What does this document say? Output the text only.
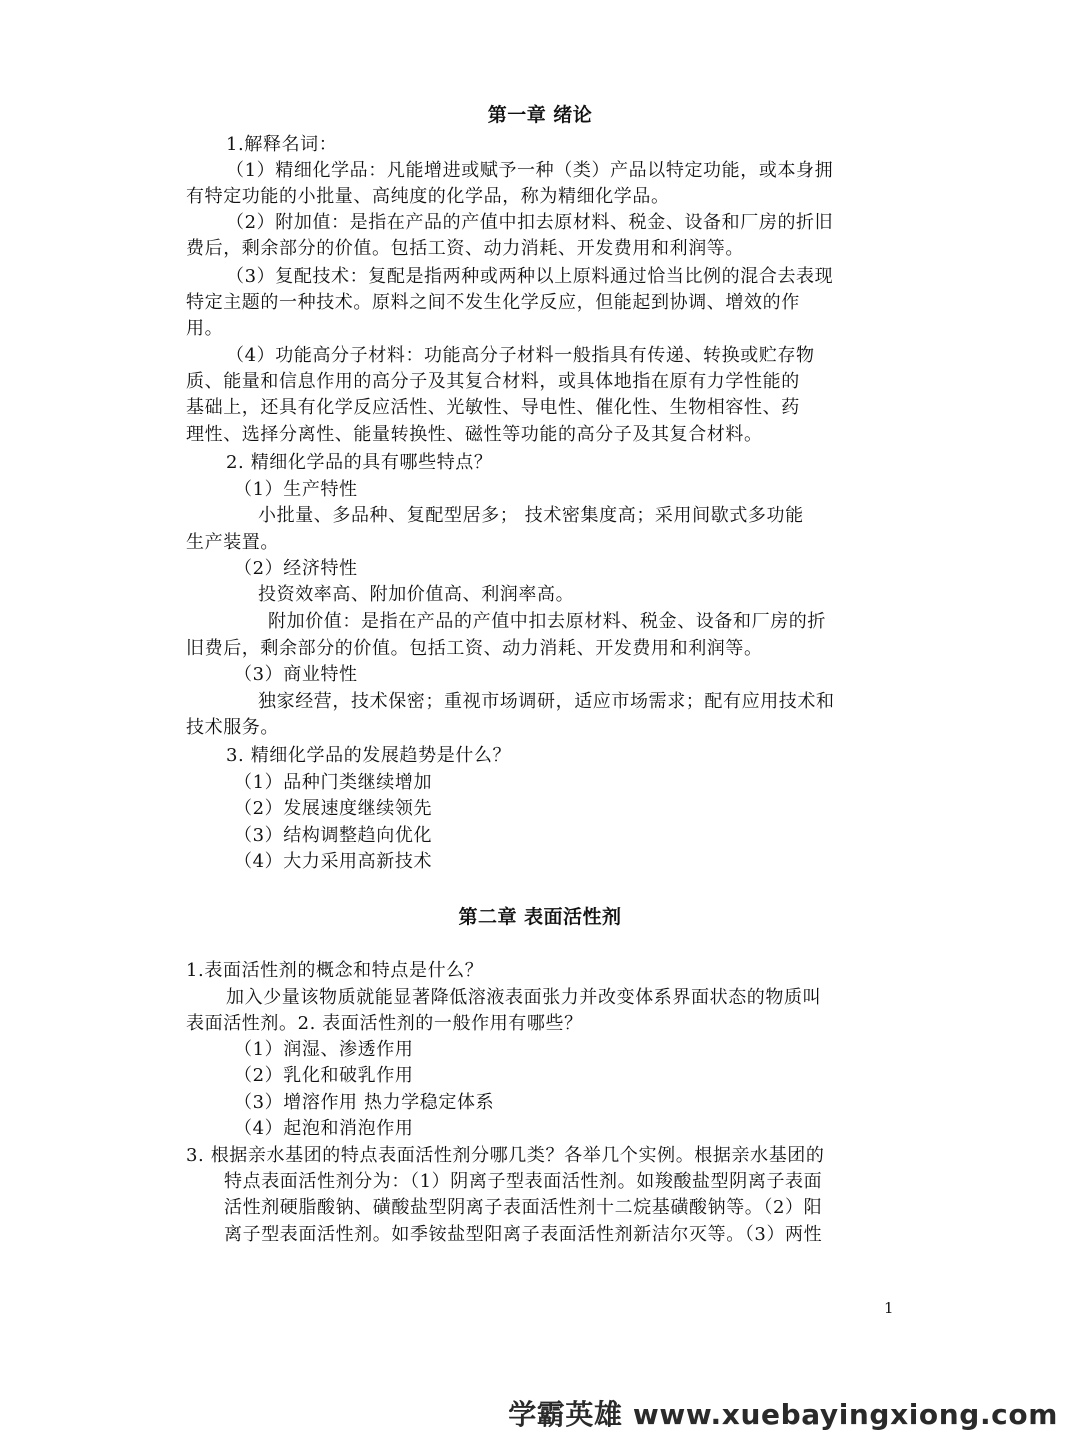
第一章 绪论
1.解释名词：
（1）精细化学品：凡能增进或赋予一种（类）产品以特定功能，或本身拥
有特定功能的小批量、高纯度的化学品，称为精细化学品。
（2）附加值：是指在产品的产值中扣去原材料、税金、设备和厂房的折旧
费后，剩余部分的价值。包括工资、动力消耗、开发费用和利润等。
（3）复配技术：复配是指两种或两种以上原料通过恰当比例的混合去表现
特定主题的一种技术。原料之间不发生化学反应，但能起到协调、增效的作
用。
（4）功能高分子材料：功能高分子材料一般指具有传递、转换或贮存物
质、能量和信息作用的高分子及其复合材料，或具体地指在原有力学性能的
基础上，还具有化学反应活性、光敏性、导电性、催化性、生物相容性、药
理性、选择分离性、能量转换性、磁性等功能的高分子及其复合材料。
2. 精细化学品的具有哪些特点？
（1）生产特性
小批量、多品种、复配型居多； 技术密集度高；采用间歇式多功能
生产装置。
（2）经济特性
投资效率高、附加价值高、利润率高。
附加价值：是指在产品的产值中扣去原材料、税金、设备和厂房的折
旧费后，剩余部分的价值。包括工资、动力消耗、开发费用和利润等。
（3）商业特性
独家经营，技术保密；重视市场调研，适应市场需求；配有应用技术和
技术服务。
3. 精细化学品的发展趋势是什么？
（1）品种门类继续增加
（2）发展速度继续领先
（3）结构调整趋向优化
（4）大力采用高新技术
第二章 表面活性剂
1.表面活性剂的概念和特点是什么？
加入少量该物质就能显著降低溶液表面张力并改变体系界面状态的物质叫
表面活性剂。2. 表面活性剂的一般作用有哪些？
（1）润湿、渗透作用
（2）乳化和破乳作用
（3）增溶作用 热力学稳定体系
（4）起泡和消泡作用
3. 根据亲水基团的特点表面活性剂分哪几类？各举几个实例。根据亲水基团的
特点表面活性剂分为：（1）阴离子型表面活性剂。如羧酸盐型阴离子表面
活性剂硬脂酸钠、磺酸盐型阴离子表面活性剂十二烷基磺酸钠等。（2）阳
离子型表面活性剂。如季铵盐型阳离子表面活性剂新洁尔灭等。（3）两性
1
学霸英雄 www.xuebayingxiong.com
